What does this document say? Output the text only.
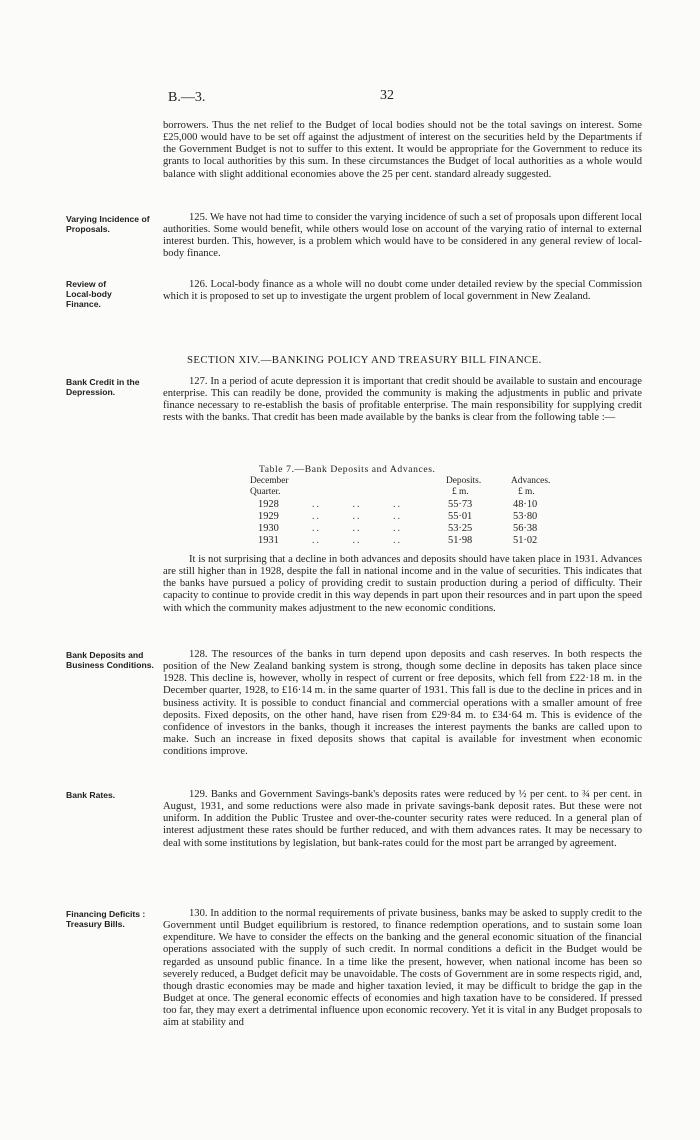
B.—3.	32

borrowers. Thus the net relief to the Budget of local bodies should not be the total savings on interest. Some £25,000 would have to be set off against the adjustment of interest on the securities held by the Departments if the Government Budget is not to suffer to this extent. It would be appropriate for the Government to reduce its grants to local authorities by this sum. In these circumstances the Budget of local authorities as a whole would balance with slight additional economies above the 25 per cent. standard already suggested.

Varying Incidence of Proposals.

125. We have not had time to consider the varying incidence of such a set of proposals upon different local authorities. Some would benefit, while others would lose on account of the varying ratio of internal to external interest burden. This, however, is a problem which would have to be considered in any general review of local-body finance.

Review of Local-body Finance.

126. Local-body finance as a whole will no doubt come under detailed review by the special Commission which it is proposed to set up to investigate the urgent problem of local government in New Zealand.

SECTION XIV.—BANKING POLICY AND TREASURY BILL FINANCE.
Bank Credit in the Depression.

127. In a period of acute depression it is important that credit should be available to sustain and encourage enterprise. This can readily be done, provided the community is making the adjustments in public and private finance necessary to re-establish the basis of profitable enterprise. The main responsibility for supplying credit rests with the banks. That credit has been made available by the banks is clear from the following table :—

Table 7.—Bank Deposits and Advances.
December
Quarter.
Deposits.
£ m.
Advances.
£ m.
1928	..       ..       ..	55·73	48·10
1929	..       ..       ..	55·01	53·80
1930	..       ..       ..	53·25	56·38
1931	..       ..       ..	51·98	51·02

It is not surprising that a decline in both advances and deposits should have taken place in 1931. Advances are still higher than in 1928, despite the fall in national income and in the value of securities. This indicates that the banks have pursued a policy of providing credit to sustain production during a period of difficulty. Their capacity to continue to provide credit in this way depends in part upon their resources and in part upon the speed with which the community makes adjustment to the new economic conditions.

Bank Deposits and Business Conditions.

128. The resources of the banks in turn depend upon deposits and cash reserves. In both respects the position of the New Zealand banking system is strong, though some decline in deposits has taken place since 1928. This decline is, however, wholly in respect of current or free deposits, which fell from £22·18 m. in the December quarter, 1928, to £16·14 m. in the same quarter of 1931. This fall is due to the decline in prices and in business activity. It is possible to conduct financial and commercial operations with a smaller amount of free deposits. Fixed deposits, on the other hand, have risen from £29·84 m. to £34·64 m. This is evidence of the confidence of investors in the banks, though it increases the interest payments the banks are called upon to make. Such an increase in fixed deposits shows that capital is available for investment when economic conditions improve.

Bank Rates.	129. Banks and Government Savings-bank's deposits rates were reduced by ½ per cent. to ¾ per cent. in August, 1931, and some reductions were also made in private savings-bank deposit rates. But these were not uniform. In addition the Public Trustee and over-the-counter security rates were reduced. In a general plan of interest adjustment these rates should be further reduced, and with them advances rates. It may be necessary to deal with some institutions by legislation, but bank-rates could for the most part be arranged by agreement.

Financing Deficits : Treasury Bills.

130. In addition to the normal requirements of private business, banks may be asked to supply credit to the Government until Budget equilibrium is restored, to finance redemption operations, and to sustain some loan expenditure. We have to consider the effects on the banking and the general economic situation of the financial operations associated with the supply of such credit. In normal conditions a deficit in the Budget would be regarded as unsound public finance. In a time like the present, however, when national income has been so severely reduced, a Budget deficit may be unavoidable. The costs of Government are in some respects rigid, and, though drastic economies may be made and higher taxation levied, it may be difficult to bridge the gap in the Budget at once. The general economic effects of economies and high taxation have to be considered. If pressed too far, they may exert a detrimental influence upon economic recovery. Yet it is vital in any Budget proposals to aim at stability and
